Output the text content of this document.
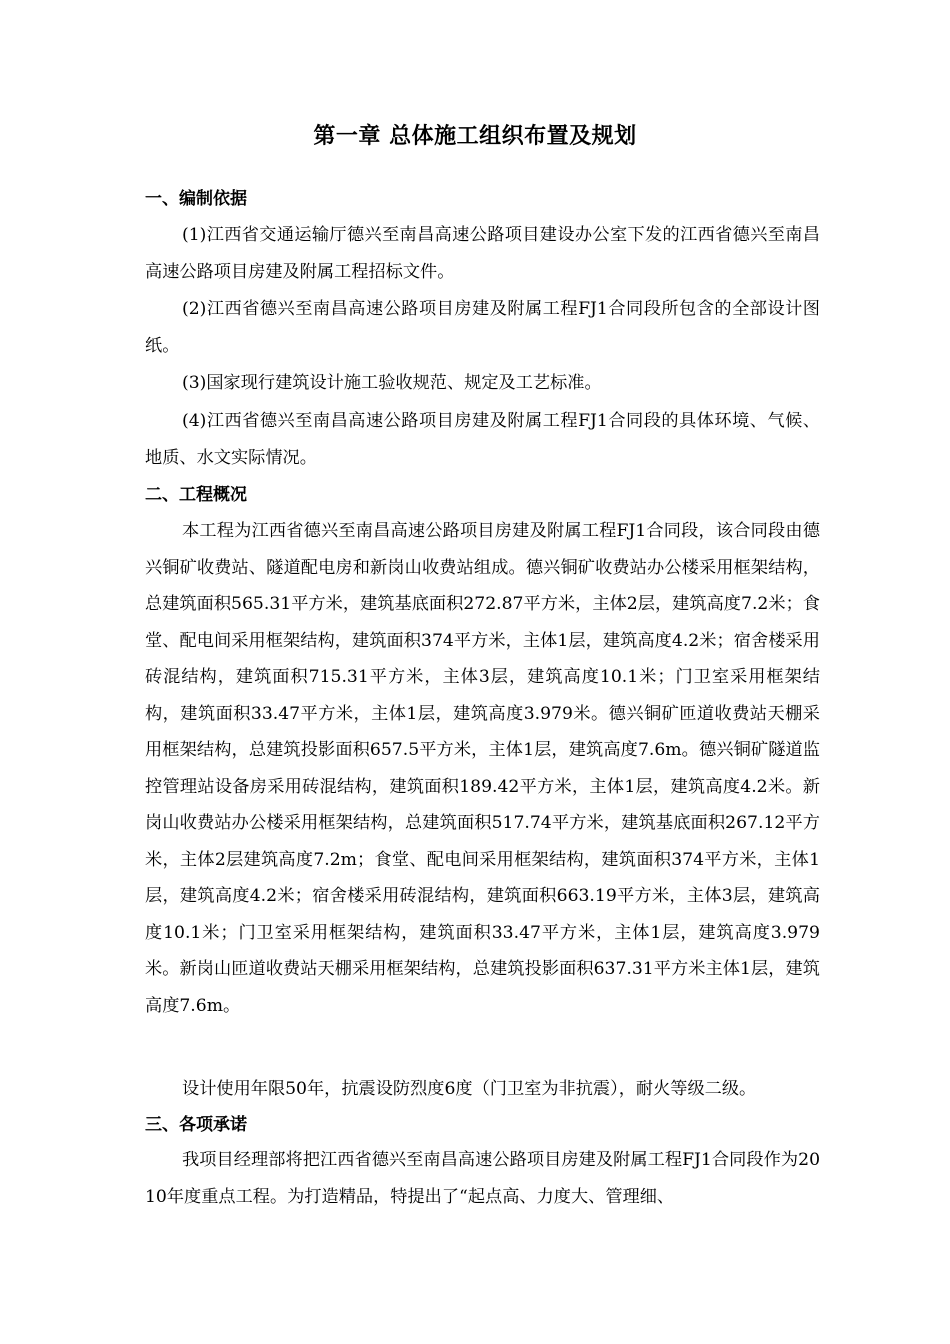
第一章 总体施工组织布置及规划
一、编制依据

(1)江西省交通运输厅德兴至南昌高速公路项目建设办公室下发的江西省德兴至南昌高速公路项目房建及附属工程招标文件。

(2)江西省德兴至南昌高速公路项目房建及附属工程FJ1合同段所包含的全部设计图纸。

(3)国家现行建筑设计施工验收规范、规定及工艺标准。

(4)江西省德兴至南昌高速公路项目房建及附属工程FJ1合同段的具体环境、气候、地质、水文实际情况。

二、工程概况

本工程为江西省德兴至南昌高速公路项目房建及附属工程FJ1合同段，该合同段由德兴铜矿收费站、隧道配电房和新岗山收费站组成。德兴铜矿收费站办公楼采用框架结构，总建筑面积565.31平方米，建筑基底面积272.87平方米，主体2层，建筑高度7.2米；食堂、配电间采用框架结构，建筑面积374平方米，主体1层，建筑高度4.2米；宿舍楼采用砖混结构，建筑面积715.31平方米，主体3层，建筑高度10.1米；门卫室采用框架结构，建筑面积33.47平方米，主体1层，建筑高度3.979米。德兴铜矿匝道收费站天棚采用框架结构，总建筑投影面积657.5平方米，主体1层，建筑高度7.6m。德兴铜矿隧道监控管理站设备房采用砖混结构，建筑面积189.42平方米，主体1层，建筑高度4.2米。新岗山收费站办公楼采用框架结构，总建筑面积517.74平方米，建筑基底面积267.12平方米，主体2层建筑高度7.2m；食堂、配电间采用框架结构，建筑面积374平方米，主体1层，建筑高度4.2米；宿舍楼采用砖混结构，建筑面积663.19平方米，主体3层，建筑高度10.1米；门卫室采用框架结构，建筑面积33.47平方米，主体1层，建筑高度3.979米。新岗山匝道收费站天棚采用框架结构，总建筑投影面积637.31平方米主体1层，建筑高度7.6m。

设计使用年限50年，抗震设防烈度6度（门卫室为非抗震），耐火等级二级。

三、各项承诺

我项目经理部将把江西省德兴至南昌高速公路项目房建及附属工程FJ1合同段作为2010年度重点工程。为打造精品，特提出了“起点高、力度大、管理细、
